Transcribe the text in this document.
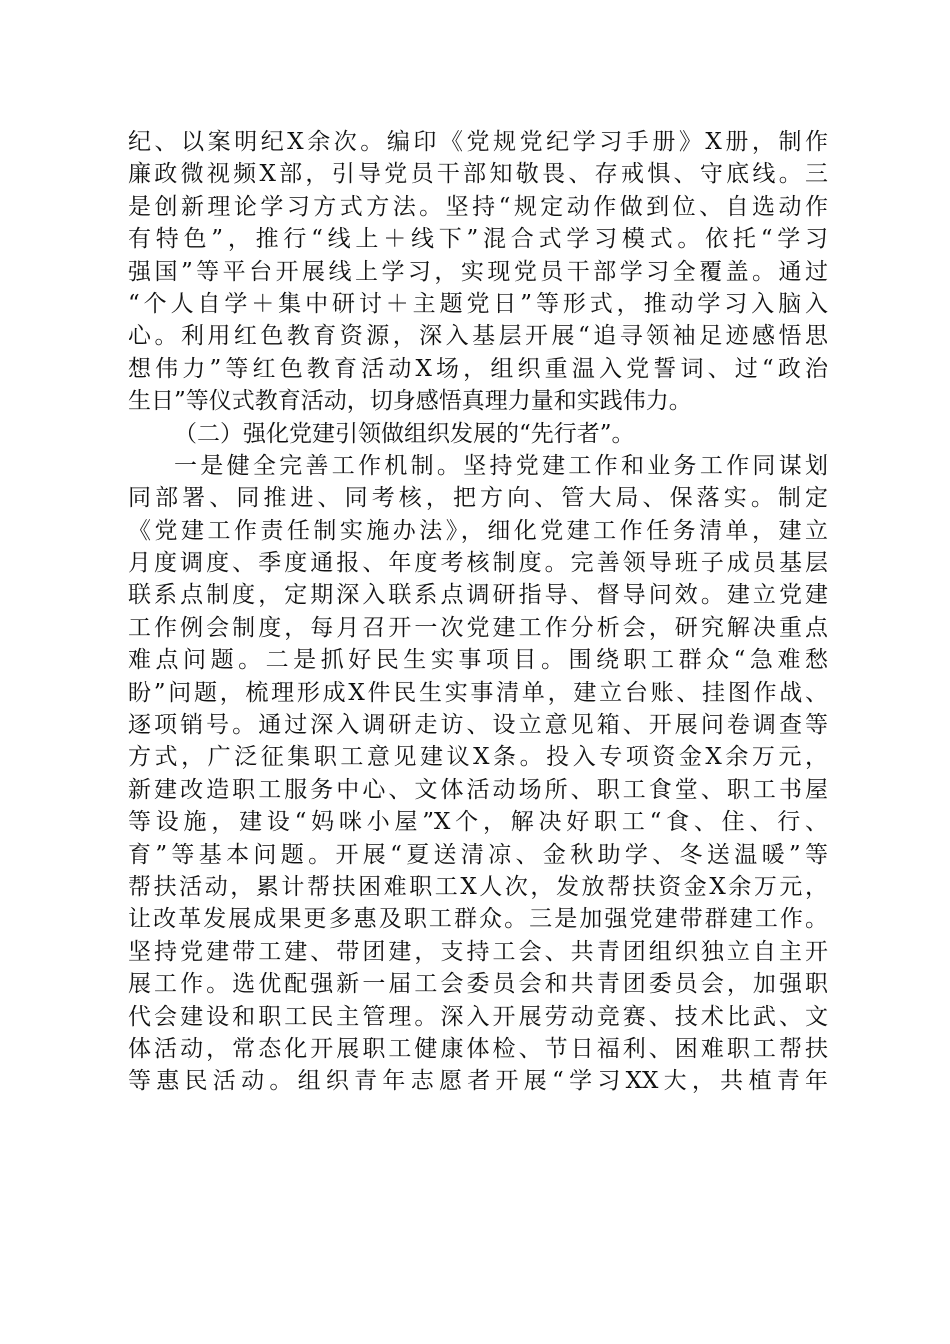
纪、以案明纪X余次。编印《党规党纪学习手册》X册，制作
廉政微视频X部，引导党员干部知敬畏、存戒惧、守底线。三
是创新理论学习方式方法。坚持“规定动作做到位、自选动作
有特色”，推行“线上＋线下”混合式学习模式。依托“学习
强国”等平台开展线上学习，实现党员干部学习全覆盖。通过
“个人自学＋集中研讨＋主题党日”等形式，推动学习入脑入
心。利用红色教育资源，深入基层开展“追寻领袖足迹感悟思
想伟力”等红色教育活动X场，组织重温入党誓词、过“政治
生日”等仪式教育活动，切身感悟真理力量和实践伟力。
（二）强化党建引领做组织发展的“先行者”。
一是健全完善工作机制。坚持党建工作和业务工作同谋划
同部署、同推进、同考核，把方向、管大局、保落实。制定
《党建工作责任制实施办法》，细化党建工作任务清单，建立
月度调度、季度通报、年度考核制度。完善领导班子成员基层
联系点制度，定期深入联系点调研指导、督导问效。建立党建
工作例会制度，每月召开一次党建工作分析会，研究解决重点
难点问题。二是抓好民生实事项目。围绕职工群众“急难愁
盼”问题，梳理形成X件民生实事清单，建立台账、挂图作战、
逐项销号。通过深入调研走访、设立意见箱、开展问卷调查等
方式，广泛征集职工意见建议X条。投入专项资金X余万元，
新建改造职工服务中心、文体活动场所、职工食堂、职工书屋
等设施，建设“妈咪小屋”X个，解决好职工“食、住、行、
育”等基本问题。开展“夏送清凉、金秋助学、冬送温暖”等
帮扶活动，累计帮扶困难职工X人次，发放帮扶资金X余万元，
让改革发展成果更多惠及职工群众。三是加强党建带群建工作。
坚持党建带工建、带团建，支持工会、共青团组织独立自主开
展工作。选优配强新一届工会委员会和共青团委员会，加强职
代会建设和职工民主管理。深入开展劳动竞赛、技术比武、文
体活动，常态化开展职工健康体检、节日福利、困难职工帮扶
等惠民活动。组织青年志愿者开展“学习XX大，共植青年
